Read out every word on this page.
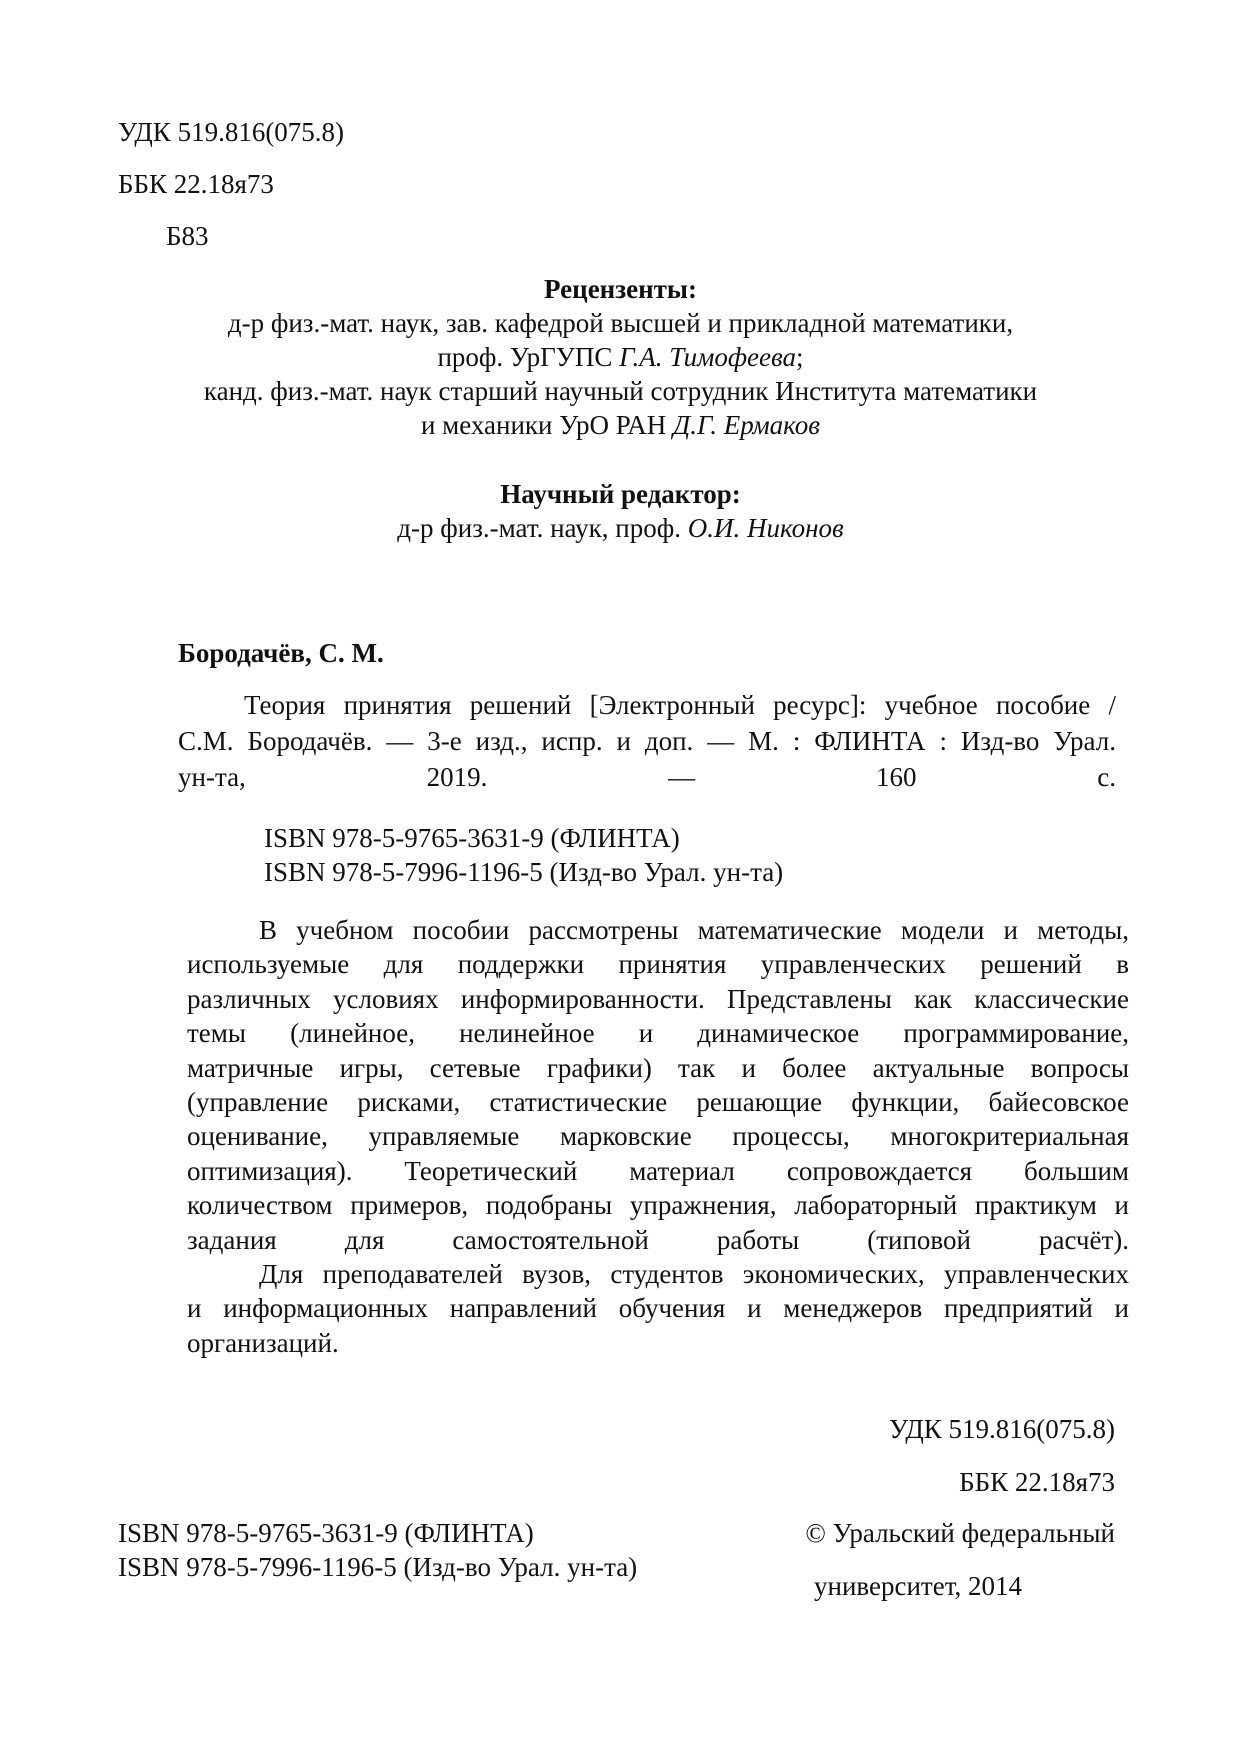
УДК 519.816(075.8)
ББК 22.18я73
Б83
Рецензенты:
д-р физ.-мат. наук, зав. кафедрой высшей и прикладной математики,
проф. УрГУПС Г.А. Тимофеева;
канд. физ.-мат. наук старший научный сотрудник Института математики
и механики УрО РАН Д.Г. Ермаков
Научный редактор:
д-р физ.-мат. наук, проф. О.И. Никонов
Бородачёв, С. М.
Теория принятия решений [Электронный ресурс]: учебное пособие /
С.М. Бородачёв. — 3-е изд., испр. и доп. — М. : ФЛИНТА : Изд-во Урал.
ун-та, 2019. — 160 с.
ISBN 978-5-9765-3631-9 (ФЛИНТА)
ISBN 978-5-7996-1196-5 (Изд-во Урал. ун-та)
В учебном пособии рассмотрены математические модели и методы,
используемые для поддержки принятия управленческих решений в
различных условиях информированности. Представлены как классические
темы (линейное, нелинейное и динамическое программирование,
матричные игры, сетевые графики) так и более актуальные вопросы
(управление рисками, статистические решающие функции, байесовское
оценивание, управляемые марковские процессы, многокритериальная
оптимизация). Теоретический материал сопровождается большим
количеством примеров, подобраны упражнения, лабораторный практикум и
задания для самостоятельной работы (типовой расчёт).
Для преподавателей вузов, студентов экономических, управленческих
и информационных направлений обучения и менеджеров предприятий и
организаций.
УДК 519.816(075.8)
ББК 22.18я73
ISBN 978-5-9765-3631-9 (ФЛИНТА)
ISBN 978-5-7996-1196-5 (Изд-во Урал. ун-та)
© Уральский федеральный
университет, 2014
